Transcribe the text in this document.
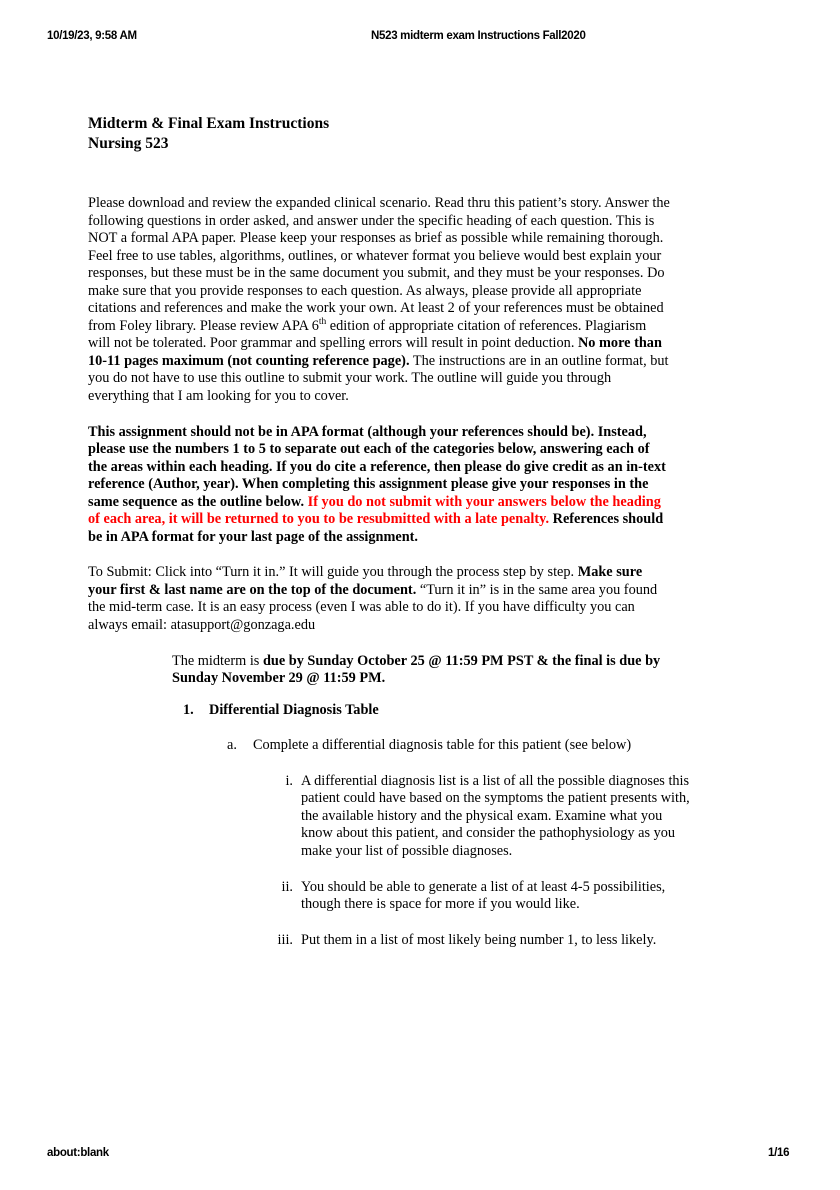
10/19/23, 9:58 AM	N523 midterm exam Instructions Fall2020
Midterm & Final Exam Instructions
Nursing 523

Please download and review the expanded clinical scenario. Read thru this patient’s story. Answer the following questions in order asked, and answer under the specific heading of each question. This is NOT a formal APA paper. Please keep your responses as brief as possible while remaining thorough. Feel free to use tables, algorithms, outlines, or whatever format you believe would best explain your responses, but these must be in the same document you submit, and they must be your responses. Do make sure that you provide responses to each question. As always, please provide all appropriate citations and references and make the work your own. At least 2 of your references must be obtained from Foley library. Please review APA 6th edition of appropriate citation of references. Plagiarism will not be tolerated. Poor grammar and spelling errors will result in point deduction. No more than 10-11 pages maximum (not counting reference page). The instructions are in an outline format, but you do not have to use this outline to submit your work. The outline will guide you through everything that I am looking for you to cover.

This assignment should not be in APA format (although your references should be). Instead, please use the numbers 1 to 5 to separate out each of the categories below, answering each of the areas within each heading. If you do cite a reference, then please do give credit as an in-text reference (Author, year). When completing this assignment please give your responses in the same sequence as the outline below. If you do not submit with your answers below the heading of each area, it will be returned to you to be resubmitted with a late penalty. References should be in APA format for your last page of the assignment.

To Submit: Click into “Turn it in.” It will guide you through the process step by step. Make sure your first & last name are on the top of the document. “Turn it in” is in the same area you found the mid-term case. It is an easy process (even I was able to do it). If you have difficulty you can always email: atasupport@gonzaga.edu

The midterm is due by Sunday October 25 @ 11:59 PM PST & the final is due by Sunday November 29 @ 11:59 PM.

1.	Differential Diagnosis Table
a.	Complete a differential diagnosis table for this patient (see below)
i. A differential diagnosis list is a list of all the possible diagnoses this patient could have based on the symptoms the patient presents with, the available history and the physical exam. Examine what you know about this patient, and consider the pathophysiology as you make your list of possible diagnoses.
ii. You should be able to generate a list of at least 4-5 possibilities, though there is space for more if you would like.
iii. Put them in a list of most likely being number 1, to less likely.
about:blank	1/16
